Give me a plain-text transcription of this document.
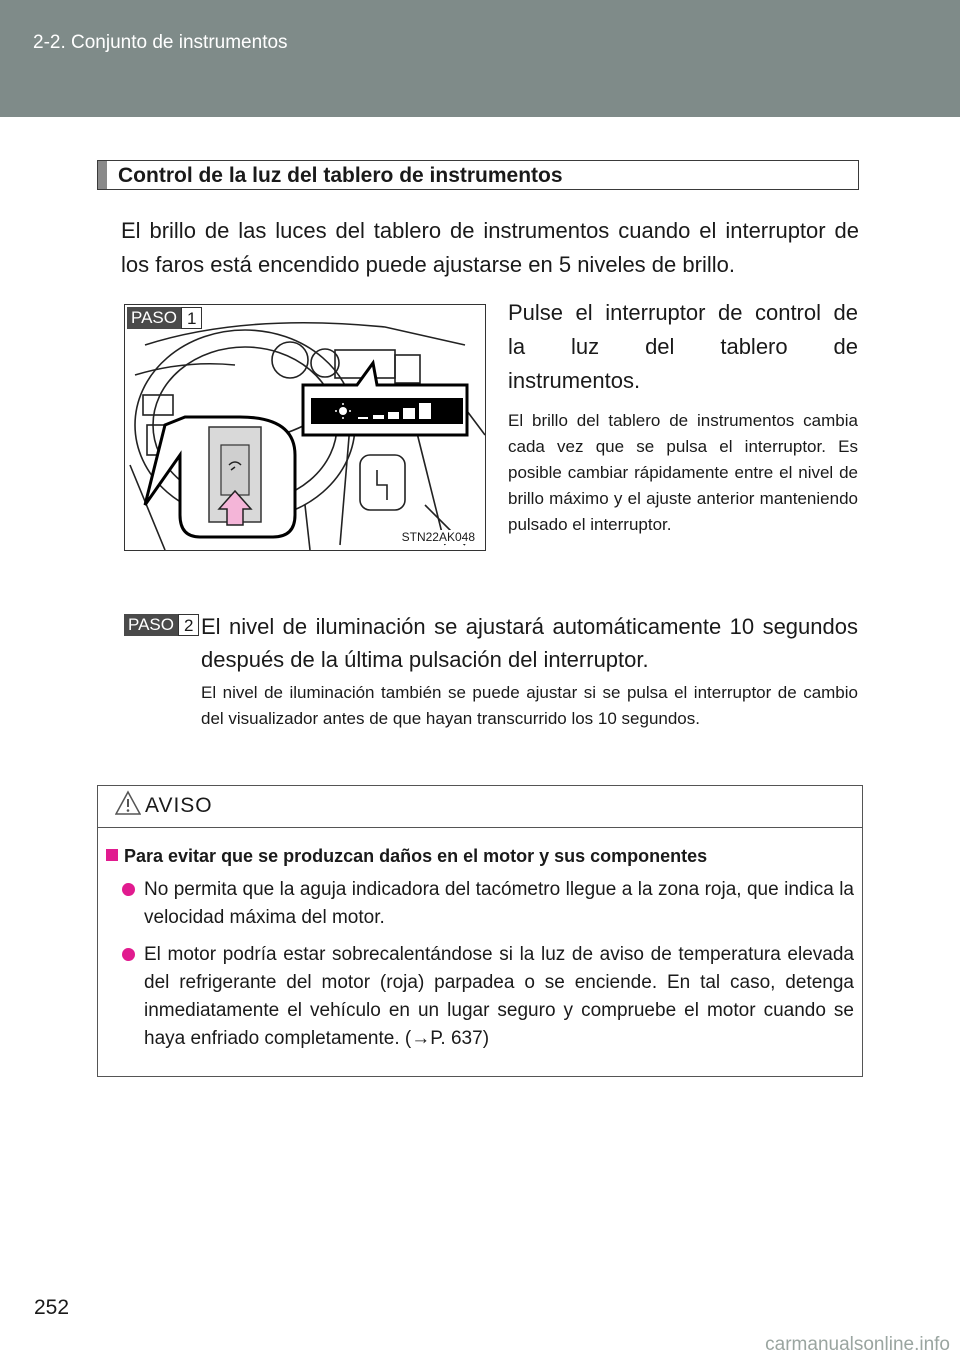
2-2. Conjunto de instrumentos
Control de la luz del tablero de instrumentos
El brillo de las luces del tablero de instrumentos cuando el interruptor de los faros está encendido puede ajustarse en 5 niveles de brillo.
PASO 1
STN22AK048
Pulse el interruptor de control de
la luz del tablero de
instrumentos.
El brillo del tablero de instrumentos cambia cada vez que se pulsa el interruptor. Es posible cambiar rápidamente entre el nivel de brillo máximo y el ajuste anterior manteniendo pulsado el interruptor.
PASO 2 El nivel de iluminación se ajustará automáticamente 10 segundos después de la última pulsación del interruptor.
El nivel de iluminación también se puede ajustar si se pulsa el interruptor de cambio del visualizador antes de que hayan transcurrido los 10 segundos.
AVISO
Para evitar que se produzcan daños en el motor y sus componentes
No permita que la aguja indicadora del tacómetro llegue a la zona roja, que indica la velocidad máxima del motor.
El motor podría estar sobrecalentándose si la luz de aviso de temperatura elevada del refrigerante del motor (roja) parpadea o se enciende. En tal caso, detenga inmediatamente el vehículo en un lugar seguro y compruebe el motor cuando se haya enfriado completamente. (→P. 637)
252
carmanualsonline.info
